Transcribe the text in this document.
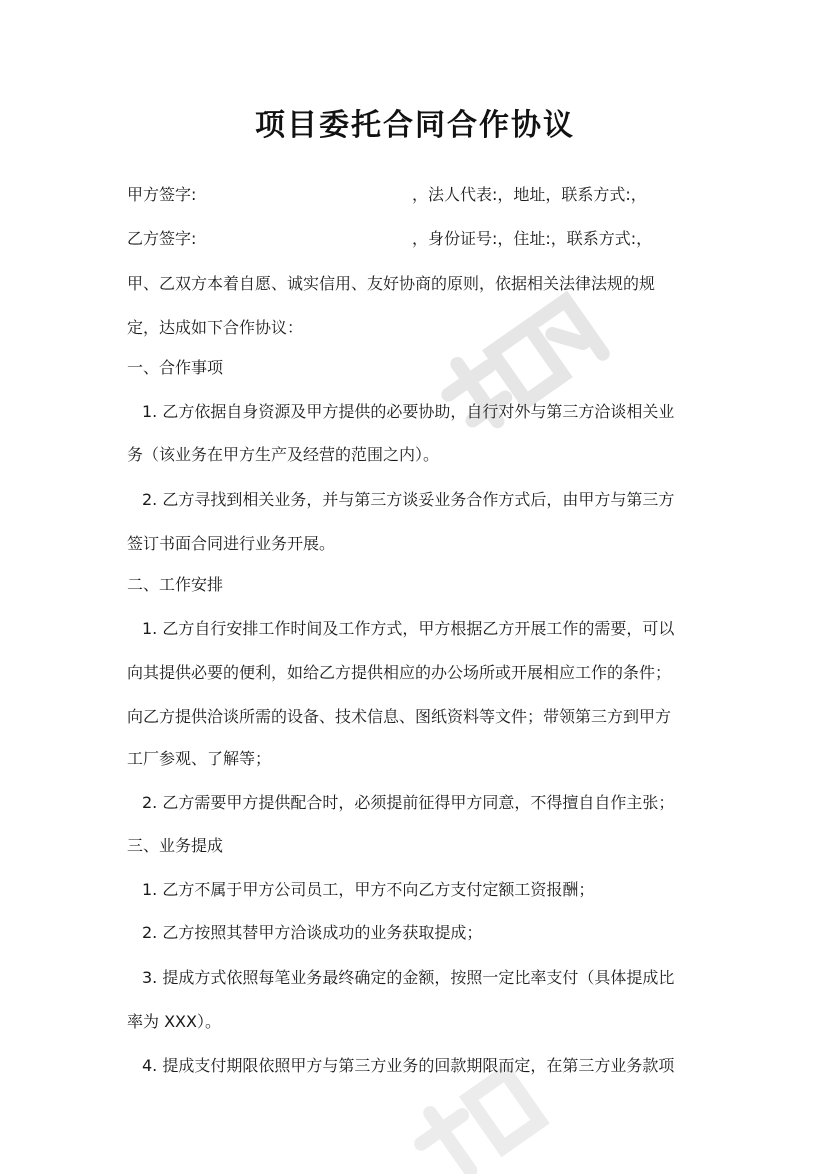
项目委托合同合作协议
甲方签字:	，法人代表:，地址，联系方式:，
乙方签字:	，身份证号:，住址:，联系方式:，
甲、乙双方本着自愿、诚实信用、友好协商的原则，依据相关法律法规的规
定，达成如下合作协议：
一、合作事项
1. 乙方依据自身资源及甲方提供的必要协助，自行对外与第三方洽谈相关业
务（该业务在甲方生产及经营的范围之内）。
2. 乙方寻找到相关业务，并与第三方谈妥业务合作方式后，由甲方与第三方
签订书面合同进行业务开展。
二、工作安排
1. 乙方自行安排工作时间及工作方式，甲方根据乙方开展工作的需要，可以
向其提供必要的便利，如给乙方提供相应的办公场所或开展相应工作的条件；
向乙方提供洽谈所需的设备、技术信息、图纸资料等文件；带领第三方到甲方
工厂参观、了解等；
2. 乙方需要甲方提供配合时，必须提前征得甲方同意，不得擅自自作主张；
三、业务提成
1. 乙方不属于甲方公司员工，甲方不向乙方支付定额工资报酬；
2. 乙方按照其替甲方洽谈成功的业务获取提成；
3. 提成方式依照每笔业务最终确定的金额，按照一定比率支付（具体提成比
率为 XXX）。
4. 提成支付期限依照甲方与第三方业务的回款期限而定，在第三方业务款项
